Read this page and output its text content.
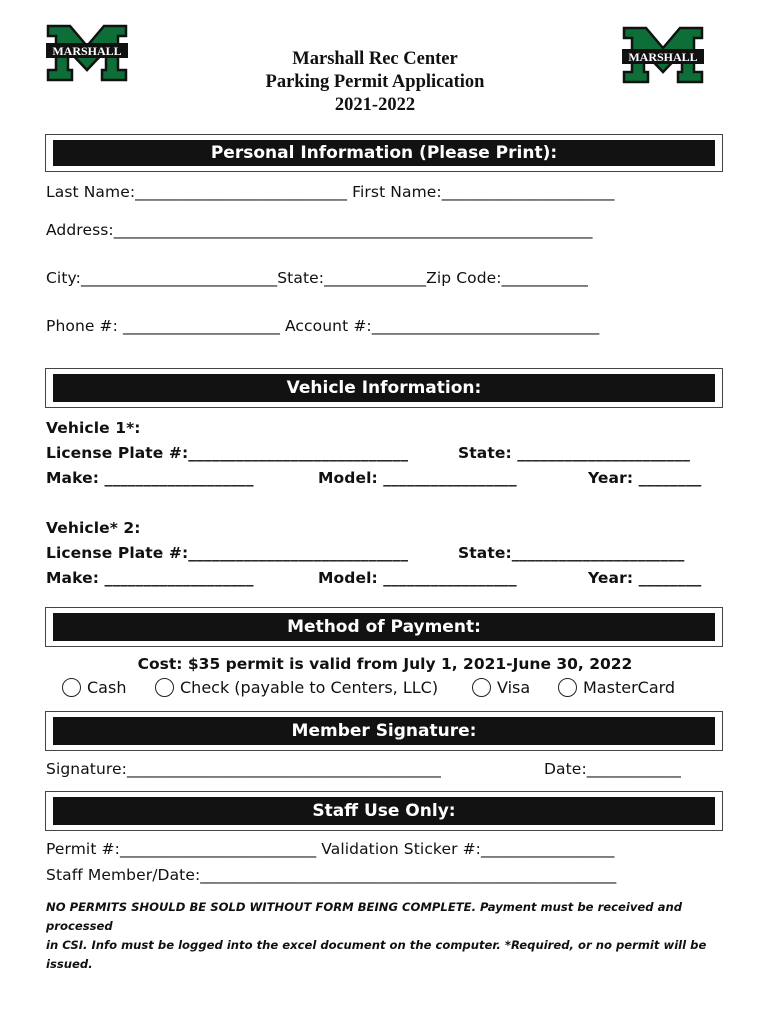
MARSHALL	MARSHALL
Marshall Rec Center
Parking Permit Application
2021-2022
Personal Information (Please Print):
Last Name:___________________________ First Name:______________________
Address:_____________________________________________________________
City:_________________________State:_____________Zip Code:___________
Phone #: ____________________ Account #:_____________________________
Vehicle Information:
Vehicle 1*:
License Plate #:____________________________	State: ______________________
Make: ___________________	Model: _________________	Year: ________
Vehicle* 2:
License Plate #:____________________________	State:______________________
Make: ___________________	Model: _________________	Year: ________
Method of Payment:
Cost: $35 permit is valid from July 1, 2021-June 30, 2022
Cash	Check (payable to Centers, LLC)	Visa	MasterCard
Member Signature:
Signature:________________________________________	Date:____________
Staff Use Only:
Permit #:_________________________ Validation Sticker #:_________________
Staff Member/Date:_____________________________________________________
NO PERMITS SHOULD BE SOLD WITHOUT FORM BEING COMPLETE. Payment must be received and processed
in CSI. Info must be logged into the excel document on the computer. *Required, or no permit will be issued.
